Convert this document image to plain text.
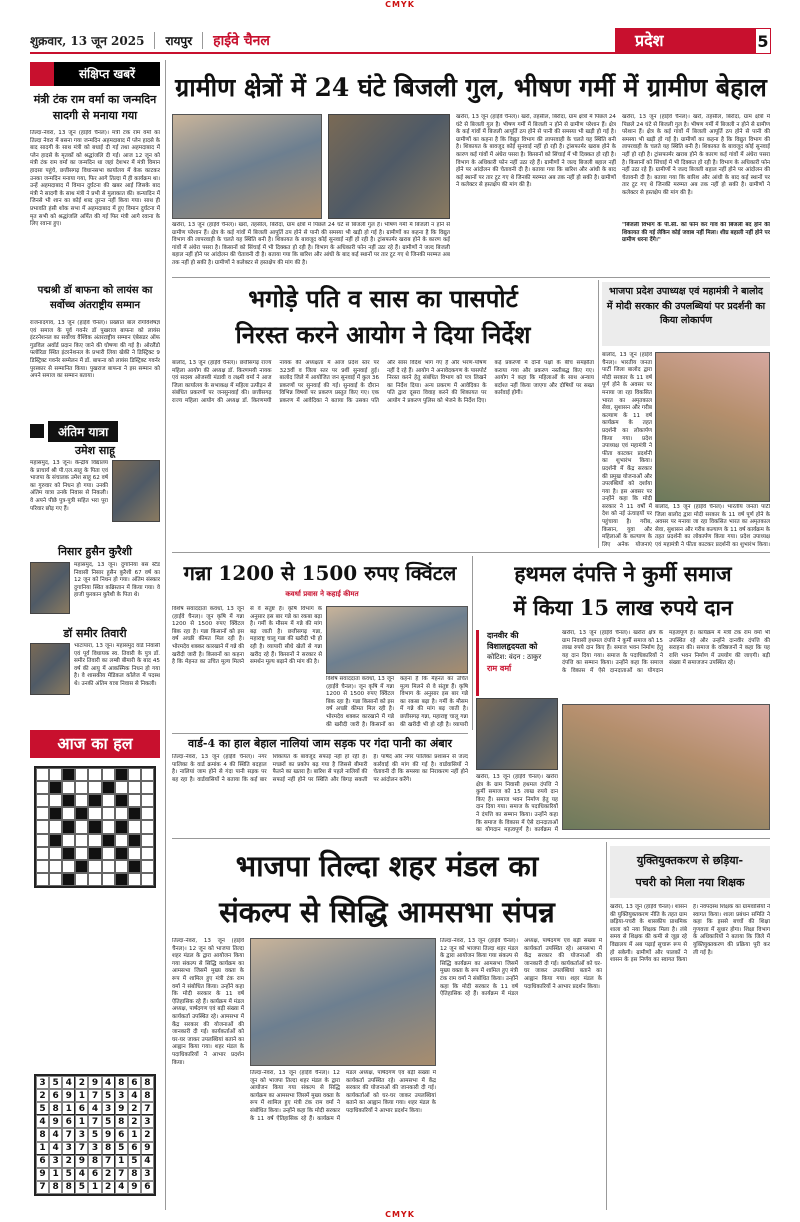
CMYK
शुक्रवार, 13 जून 2025	रायपुर	हाईवे चैनल	प्रदेश	5
संक्षिप्त खबरें
मंत्री टंक राम वर्मा का जन्मदिन सादगी से मनाया गया
तिल्दा-नेवरा, 13 जून (हाईवे चैनल)। मंत्री टंक राम वर्मा का तिल्दा नेवरा में बसना गया जन्मदिन अहमदाबाद में प्लेन हादसे के बाद सादगी के साथ मंत्री को बधाई दी गई तथा अहमदाबाद में प्लेन हादसे के मृतकों को श्रद्धांजलि दी गई। आज 12 जून को मंत्री टंक राम वर्मा का जन्मदिन था जहां देशभर में मंत्री विमान हादसा पहुंचे, छत्तीसगढ़ विधानसभा कार्यालय में केक काटकर उनका जन्मदिन मनाया गया, फिर आगे तिल्दा में ही कार्यक्रम था। उन्हें अहमदाबाद में विमान दुर्घटना की खबर आई जिसके बाद मंत्री ने सादगी के साथ मंत्री ने प्रभी से मुलाकात की। कन्यादिन में जिनसे भी शान का कोई शब्द तुरन्त नहीं किया गया। साथ ही प्रभावति हंसी शोक सभा में अहमदाबाद में हुए विमान दुर्घटना में मृत सभी को श्रद्धांजलि अर्पित की गई फिर मंत्री आगे रवाना के लिए रवाना हुए।
पद्मश्री डॉ बाफना को लायंस का सर्वोच्च अंतराष्ट्रीय सम्मान
राजनांदगांव, 13 जून (हाईवे चैनल)। प्रख्यात बाल रोगविशेषज्ञ एवं समाज के पूर्व गवर्नर डॉ पुखराज बाफना को लायंस इंटरनेशनल का सर्वोच्च वैश्विक अंतरराष्ट्रीय सम्मान एंबेसडर ऑफ गुडविल अवॉर्ड प्रदान किए जाने की घोषणा की गई है। ओरलैंडो फ्लोरिडा स्थित इंटरनेशनल के प्रभारी लिया खेकी ने डिस्ट्रिक्ट 9 डिस्ट्रिक्ट गवर्नर सम्मेलन में डॉ. बाफना को लायंस डिस्ट्रिक्ट गवर्नर पुरस्कार से सम्मानित किया। पुखराज बाफना ने इस सम्मान को अपने समाज का सम्मान बताया।
अंतिम यात्रा
उमेश साहू
महासमुंद, 13 जून। केन्द्रीय विद्यालय के प्राचार्य श्री पी.एल.साहू के पिता एवं भाजपा के संचालक उमेश साहू 62 वर्ष का गुरुवार को निधन हो गया। उनकी अंतिम यात्रा उनके निवास से निकली। वे अपने पीछे पुत्र-पुत्री सहित भरा पूरा परिवार छोड़ गए हैं।
निसार हुसैन कुरैशी
महासमुंद, 13 जून। दुगानिया बस स्टैंड निवासी निसार हुसैन कुरैशी 67 वर्ष का 12 जून को निधन हो गया। अंतिम संस्कार दुगानिया स्थित कब्रिस्तान में किया गया। वे हाजी फुरकान कुरैशी के पिता थे।
डॉ समीर तिवारी
भाटापारा, 13 जून। महासमुंद वार्ड निवासी एवं पूर्व विधायक स्व. तिवारी के पुत्र डॉ. समीर तिवारी का लम्बी बीमारी के बाद 45 वर्ष की आयु में आकस्मिक निधन हो गया है। वे शासकीय मेडिकल कॉलेज में पदस्थ थे। उनकी अंतिम यात्रा निवास से निकली।
आज का हल
3 5 4 2 9 4 8 6 8
2 6 9 1 7 5 3 4 8
5 8 1 6 4 3 9 2 7
4 9 6 1 7 5 8 2 3
8 4 7 3 5 9 6 1 2
1 4 3 7 3 8 5 6 9
6 3 2 9 8 7 1 5 4
9 1 5 4 6 2 7 8 3
7 8 8 5 1 2 4 9 6
ग्रामीण क्षेत्रों में 24 घंटे बिजली गुल, भीषण गर्मी में ग्रामीण बेहाल
खरोरा, 13 जून (हाईवे चैनल)। खरो, तहसील, बिरोदा, ग्राम क्षेत्रों में पिछले 24 घंटे से बिजली गुल है। भीषण गर्मी में बिजली न होने से ग्रामीण परेशान हैं। क्षेत्र के कई गांवों में बिजली आपूर्ति ठप होने से पानी की समस्या भी खड़ी हो गई है। ग्रामीणों का कहना है कि विद्युत विभाग की लापरवाही के चलते यह स्थिति बनी है। शिकायत के बावजूद कोई सुनवाई नहीं हो रही है। ट्रांसफार्मर खराब होने के कारण कई गांवों में अंधेरा पसरा है। किसानों को सिंचाई में भी दिक्कत हो रही है। विभाग के अधिकारी फोन नहीं उठा रहे हैं। ग्रामीणों ने जल्द बिजली बहाल नहीं होने पर आंदोलन की चेतावनी दी है। बताया गया कि बारिश और आंधी के बाद कई स्थानों पर तार टूट गए थे जिनकी मरम्मत अब तक नहीं हो सकी है। ग्रामीणों ने कलेक्टर से हस्तक्षेप की मांग की है।
खरोरा, 13 जून (हाईवे चैनल)। खरो, तहसील, बिरोदा, ग्राम क्षेत्रों में पिछले 24 घंटे से बिजली गुल है। भीषण गर्मी में बिजली न होने से ग्रामीण परेशान हैं। क्षेत्र के कई गांवों में बिजली आपूर्ति ठप होने से पानी की समस्या भी खड़ी हो गई है। ग्रामीणों का कहना है कि विद्युत विभाग की लापरवाही के चलते यह स्थिति बनी है। शिकायत के बावजूद कोई सुनवाई नहीं हो रही है। ट्रांसफार्मर खराब होने के कारण कई गांवों में अंधेरा पसरा है। किसानों को सिंचाई में भी दिक्कत हो रही है। विभाग के अधिकारी फोन नहीं उठा रहे हैं। ग्रामीणों ने जल्द बिजली बहाल नहीं होने पर आंदोलन की चेतावनी दी है। बताया गया कि बारिश और आंधी के बाद कई स्थानों पर तार टूट गए थे जिनकी मरम्मत अब तक नहीं हो सकी है। ग्रामीणों ने कलेक्टर से हस्तक्षेप की मांग की है।
खरोरा, 13 जून (हाईवे चैनल)। खरो, तहसील, बिरोदा, ग्राम क्षेत्रों में पिछले 24 घंटे से बिजली गुल है। भीषण गर्मी में बिजली न होने से ग्रामीण परेशान हैं। क्षेत्र के कई गांवों में बिजली आपूर्ति ठप होने से पानी की समस्या भी खड़ी हो गई है। ग्रामीणों का कहना है कि विद्युत विभाग की लापरवाही के चलते यह स्थिति बनी है। शिकायत के बावजूद कोई सुनवाई नहीं हो रही है। ट्रांसफार्मर खराब होने के कारण कई गांवों में अंधेरा पसरा है। किसानों को सिंचाई में भी दिक्कत हो रही है। विभाग के अधिकारी फोन नहीं उठा रहे हैं। ग्रामीणों ने जल्द बिजली बहाल नहीं होने पर आंदोलन की चेतावनी दी है। बताया गया कि बारिश और आंधी के बाद कई स्थानों पर तार टूट गए थे जिनकी मरम्मत अब तक नहीं हो सकी है। ग्रामीणों ने कलेक्टर से हस्तक्षेप की मांग की है।
"बिजली विभाग के पी.सी. को फोन कर गांव की बिजली बंद होने की शिकायत की गई लेकिन कोई जवाब नहीं मिला। शीघ्र बहाली नहीं होने पर ग्रामीण धरना देंगे।"
भगोड़े पति व सास का पासपोर्ट
निरस्त करने आयोग ने दिया निर्देश
बालोद, 13 जून (हाईवे चैनल)। छत्तीसगढ़ राज्य महिला आयोग की अध्यक्ष डॉ. किरणमयी नायक एवं सदस्य ओजस्वी मंडावी व लक्ष्मी वर्मा ने आज जिला कार्यालय के सभाकक्ष में महिला उत्पीड़न से संबंधित प्रकरणों पर जनसुनवाई की। छत्तीसगढ़ राज्य महिला आयोग की अध्यक्ष डॉ. किरणमयी नायक की अध्यक्षता में आज प्रदेश स्तर पर 323वीं व जिला स्तर पर 9वीं सुनवाई हुई। बालोद जिले में आयोजित जन सुनवाई में कुल 36 प्रकरणों पर सुनवाई की गई। सुनवाई के दौरान विभिन्न विषयों पर प्रकरण प्रस्तुत किए गए। एक प्रकरण में आवेदिका ने बताया कि उसका पति और सास विदेश भाग गए हैं और भरण-पोषण नहीं दे रहे हैं। आयोग ने अनावेदकगण के पासपोर्ट निरस्त करने हेतु संबंधित विभाग को पत्र लिखने का निर्देश दिया। अन्य प्रकरण में आवेदिका के पति द्वारा दूसरा विवाह करने की शिकायत पर आयोग ने प्रकरण पुलिस को भेजने के निर्देश दिए। कई प्रकरणों में दोनों पक्षों के बीच समझौता कराया गया और प्रकरण नस्तीबद्ध किए गए। आयोग ने कहा कि महिलाओं के साथ अन्याय बर्दाश्त नहीं किया जाएगा और दोषियों पर सख्त कार्रवाई होगी।
भाजपा प्रदेश उपाध्यक्ष एवं महामंत्री ने बालोद में मोदी सरकार की उपलब्धियां पर प्रदर्शनी का किया लोकार्पण
बालोद, 13 जून (हाईवे चैनल)। भारतीय जनता पार्टी जिला बालोद द्वारा मोदी सरकार के 11 वर्ष पूर्ण होने के अवसर पर मनाया जा रहा विकसित भारत का अमृतकाल सेवा, सुशासन और गरीब कल्याण के 11 वर्ष कार्यक्रम के तहत प्रदर्शनी का लोकार्पण किया गया। प्रदेश उपाध्यक्ष एवं महामंत्री ने फीता काटकर प्रदर्शनी का शुभारंभ किया। प्रदर्शनी में केंद्र सरकार की प्रमुख योजनाओं और उपलब्धियों को दर्शाया गया है। इस अवसर पर उन्होंने कहा कि मोदी सरकार ने 11 वर्षों में देश को नई ऊंचाइयों पर पहुंचाया है। गरीब, किसान, युवा और महिलाओं के कल्याण के लिए अनेक योजनाएं
बालोद, 13 जून (हाईवे चैनल)। भारतीय जनता पार्टी जिला बालोद द्वारा मोदी सरकार के 11 वर्ष पूर्ण होने के अवसर पर मनाया जा रहा विकसित भारत का अमृतकाल सेवा, सुशासन और गरीब कल्याण के 11 वर्ष कार्यक्रम के तहत प्रदर्शनी का लोकार्पण किया गया। प्रदेश उपाध्यक्ष एवं महामंत्री ने फीता काटकर प्रदर्शनी का शुभारंभ किया।
गन्ना 1200 से 1500 रुपए क्विंटल
कवर्धा प्रवास ने कहाई कीमत
विशेष संवाददाता कवर्धा, 13 जून (हाईवे चैनल)। जून कृषि में गन्ना 1200 से 1500 रुपए क्विंटल बिक रहा है। गन्ना किसानों को इस वर्ष अच्छी कीमत मिल रही है। भोरमदेव शक्कर कारखाने में गन्ने की खरीदी जारी है। किसानों का कहना है कि मेहनत का उचित मूल्य मिलने से वे संतुष्ट हैं। कृषि विभाग के अनुसार इस बार गन्ने का रकबा बढ़ा है। गर्मी के मौसम में गन्ने की मांग बढ़ जाती है। छत्तीसगढ़ गन्ना, महाराष्ट्र चालू गन्ना की खरीदी भी हो रही है। व्यापारी सीधे खेतों से गन्ना खरीद रहे हैं। किसानों ने सरकार से समर्थन मूल्य बढ़ाने की मांग की है।
विशेष संवाददाता कवर्धा, 13 जून (हाईवे चैनल)। जून कृषि में गन्ना 1200 से 1500 रुपए क्विंटल बिक रहा है। गन्ना किसानों को इस वर्ष अच्छी कीमत मिल रही है। भोरमदेव शक्कर कारखाने में गन्ने की खरीदी जारी है। किसानों का कहना है कि मेहनत का उचित मूल्य मिलने से वे संतुष्ट हैं। कृषि विभाग के अनुसार इस बार गन्ने का रकबा बढ़ा है। गर्मी के मौसम में गन्ने की मांग बढ़ जाती है। छत्तीसगढ़ गन्ना, महाराष्ट्र चालू गन्ना की खरीदी भी हो रही है। व्यापारी
वार्ड-4 का हाल बेहाल नालियां जाम सड़क पर गंदा पानी का अंबार
तिल्दा-नेवरा, 13 जून (हाईवे चैनल)। नगर पालिका के वार्ड क्रमांक 4 की स्थिति बदहाल है। नालियां जाम होने से गंदा पानी सड़क पर बह रहा है। वार्डवासियों ने बताया कि कई बार शिकायत के बावजूद सफाई नहीं हो रही है। मच्छरों का प्रकोप बढ़ गया है जिससे बीमारी फैलने का खतरा है। बारिश से पहले नालियों की सफाई नहीं होने पर स्थिति और बिगड़ सकती है। पार्षद और नगर पालिका प्रशासन से जल्द कार्रवाई की मांग की गई है। वार्डवासियों ने चेतावनी दी कि समस्या का निराकरण नहीं होने पर आंदोलन करेंगे।
हथमल दंपत्ति ने कुर्मी समाज
में किया 15 लाख रुपये दान
दानवीर की
विशालहृदयता को
कोटिश: वंदन : ठाकुर
राम वर्मा
खरोरा, 13 जून (हाईवे चैनल)। खरोरा क्षेत्र के ग्राम निवासी हथमल दंपत्ति ने कुर्मी समाज को 15 लाख रुपये दान किए हैं। समाज भवन निर्माण हेतु यह दान दिया गया। समाज के पदाधिकारियों ने दंपत्ति का सम्मान किया। उन्होंने कहा कि समाज के विकास में ऐसे दानदाताओं का योगदान महत्वपूर्ण है। कार्यक्रम में मंत्री टंक राम वर्मा भी उपस्थित रहे और उन्होंने दानवीर दंपत्ति की सराहना की। समाज के वरिष्ठजनों ने कहा कि यह राशि भवन निर्माण में उपयोग की जाएगी। बड़ी संख्या में समाजजन उपस्थित रहे।
खरोरा, 13 जून (हाईवे चैनल)। खरोरा क्षेत्र के ग्राम निवासी हथमल दंपत्ति ने कुर्मी समाज को 15 लाख रुपये दान किए हैं। समाज भवन निर्माण हेतु यह दान दिया गया। समाज के पदाधिकारियों ने दंपत्ति का सम्मान किया। उन्होंने कहा कि समाज के विकास में ऐसे दानदाताओं का योगदान महत्वपूर्ण है। कार्यक्रम में
भाजपा तिल्दा शहर मंडल का
संकल्प से सिद्धि आमसभा संपन्न
तिल्दा-नेवरा, 13 जून (हाईवे चैनल)। 12 जून को भाजपा तिल्दा शहर मंडल के द्वारा आयोजन किया गया संकल्प से सिद्धि कार्यक्रम का आमसभा जिसमें मुख्य वक्ता के रूप में शामिल हुए मंत्री टंक राम वर्मा ने संबोधित किया। उन्होंने कहा कि मोदी सरकार के 11 वर्ष ऐतिहासिक रहे हैं। कार्यक्रम में मंडल अध्यक्ष, पार्षदगण एवं बड़ी संख्या में कार्यकर्ता उपस्थित रहे। आमसभा में केंद्र सरकार की योजनाओं की जानकारी दी गई। कार्यकर्ताओं को घर-घर जाकर उपलब्धियां बताने का आह्वान किया गया। शहर मंडल के पदाधिकारियों ने आभार प्रदर्शन किया।
तिल्दा-नेवरा, 13 जून (हाईवे चैनल)। 12 जून को भाजपा तिल्दा शहर मंडल के द्वारा आयोजन किया गया संकल्प से सिद्धि कार्यक्रम का आमसभा जिसमें मुख्य वक्ता के रूप में शामिल हुए मंत्री टंक राम वर्मा ने संबोधित किया। उन्होंने कहा कि मोदी सरकार के 11 वर्ष ऐतिहासिक रहे हैं। कार्यक्रम में मंडल अध्यक्ष, पार्षदगण एवं बड़ी संख्या में कार्यकर्ता उपस्थित रहे। आमसभा में केंद्र सरकार की योजनाओं की जानकारी दी गई। कार्यकर्ताओं को घर-घर जाकर उपलब्धियां बताने का आह्वान किया गया। शहर मंडल के पदाधिकारियों ने आभार प्रदर्शन किया।
तिल्दा-नेवरा, 13 जून (हाईवे चैनल)। 12 जून को भाजपा तिल्दा शहर मंडल के द्वारा आयोजन किया गया संकल्प से सिद्धि कार्यक्रम का आमसभा जिसमें मुख्य वक्ता के रूप में शामिल हुए मंत्री टंक राम वर्मा ने संबोधित किया। उन्होंने कहा कि मोदी सरकार के 11 वर्ष ऐतिहासिक रहे हैं। कार्यक्रम में मंडल अध्यक्ष, पार्षदगण एवं बड़ी संख्या में कार्यकर्ता उपस्थित रहे। आमसभा में केंद्र सरकार की योजनाओं की जानकारी दी गई। कार्यकर्ताओं को घर-घर जाकर उपलब्धियां बताने का आह्वान किया गया। शहर मंडल के पदाधिकारियों ने आभार प्रदर्शन किया।
युक्तियुक्तकरण से छड़िया-
पचरी को मिला नया शिक्षक
खरोरा, 13 जून (हाईवे चैनल)। शासन की युक्तियुक्तकरण नीति के तहत ग्राम छड़िया-पचरी के शासकीय प्राथमिक शाला को नया शिक्षक मिला है। लंबे समय से शिक्षक की कमी से जूझ रहे विद्यालय में अब पढ़ाई सुचारू रूप से हो सकेगी। ग्रामीणों और पालकों ने शासन के इस निर्णय का स्वागत किया है। नवपदस्थ शिक्षक का ग्रामवासियों ने स्वागत किया। शाला प्रबंधन समिति ने कहा कि इससे बच्चों की शिक्षा गुणवत्ता में सुधार होगा। शिक्षा विभाग के अधिकारियों ने बताया कि जिले में युक्तियुक्तकरण की प्रक्रिया पूरी कर ली गई है।
CMYK
